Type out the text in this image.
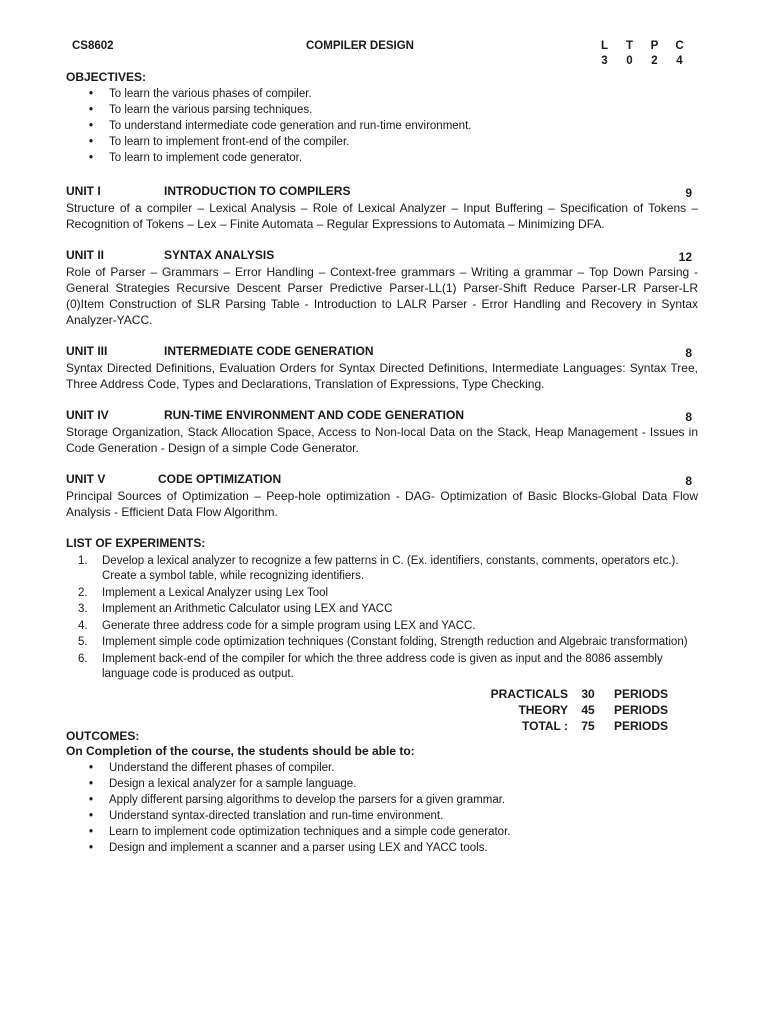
CS8602	COMPILER DESIGN	L	T	P	C
3	0	2	4
OBJECTIVES:
• To learn the various phases of compiler.
• To learn the various parsing techniques.
• To understand intermediate code generation and run-time environment.
• To learn to implement front-end of the compiler.
• To learn to implement code generator.
UNIT I	INTRODUCTION TO COMPILERS	9
Structure of a compiler – Lexical Analysis – Role of Lexical Analyzer – Input Buffering – Specification of Tokens – Recognition of Tokens – Lex – Finite Automata – Regular Expressions to Automata – Minimizing DFA.
UNIT II	SYNTAX ANALYSIS	12
Role of Parser – Grammars – Error Handling – Context-free grammars – Writing a grammar – Top Down Parsing - General Strategies Recursive Descent Parser Predictive Parser-LL(1) Parser-Shift Reduce Parser-LR Parser-LR (0)Item Construction of SLR Parsing Table - Introduction to LALR Parser - Error Handling and Recovery in Syntax Analyzer-YACC.
UNIT III	INTERMEDIATE CODE GENERATION	8
Syntax Directed Definitions, Evaluation Orders for Syntax Directed Definitions, Intermediate Languages: Syntax Tree, Three Address Code, Types and Declarations, Translation of Expressions, Type Checking.
UNIT IV	RUN-TIME ENVIRONMENT AND CODE GENERATION	8
Storage Organization, Stack Allocation Space, Access to Non-local Data on the Stack, Heap Management - Issues in Code Generation - Design of a simple Code Generator.
UNIT V	CODE OPTIMIZATION	8
Principal Sources of Optimization – Peep-hole optimization - DAG- Optimization of Basic Blocks-Global Data Flow Analysis - Efficient Data Flow Algorithm.
LIST OF EXPERIMENTS:
1. Develop a lexical analyzer to recognize a few patterns in C. (Ex. identifiers, constants, comments, operators etc.). Create a symbol table, while recognizing identifiers.
2. Implement a Lexical Analyzer using Lex Tool
3. Implement an Arithmetic Calculator using LEX and YACC
4. Generate three address code for a simple program using LEX and YACC.
5. Implement simple code optimization techniques (Constant folding, Strength reduction and Algebraic transformation)
6. Implement back-end of the compiler for which the three address code is given as input and the 8086 assembly language code is produced as output.
PRACTICALS	30	PERIODS
THEORY	45	PERIODS
TOTAL :	75	PERIODS
OUTCOMES:
On Completion of the course, the students should be able to:
• Understand the different phases of compiler.
• Design a lexical analyzer for a sample language.
• Apply different parsing algorithms to develop the parsers for a given grammar.
• Understand syntax-directed translation and run-time environment.
• Learn to implement code optimization techniques and a simple code generator.
• Design and implement a scanner and a parser using LEX and YACC tools.
